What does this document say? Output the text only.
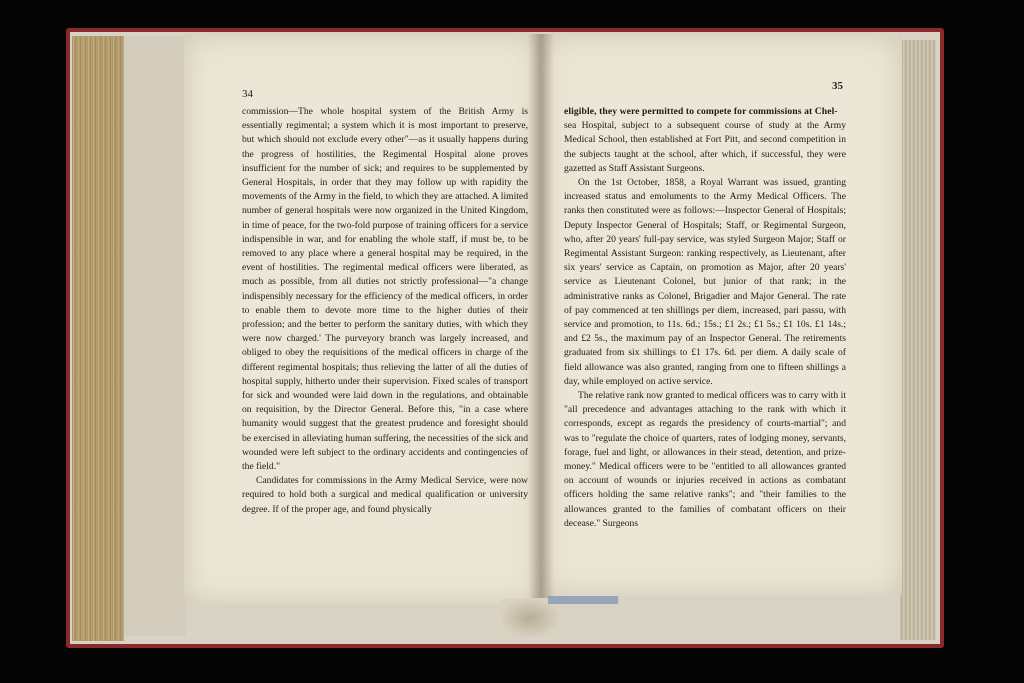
34
35

commission—The whole hospital system of the British Army is essentially regimental; a system which it is most important to preserve, but which should not exclude every other"—as it usually happens during the progress of hostilities, the Regimental Hospital alone proves insufficient for the number of sick; and requires to be supplemented by General Hospitals, in order that they may follow up with rapidity the movements of the Army in the field, to which they are attached. A limited number of general hospitals were now organized in the United Kingdom, in time of peace, for the two-fold purpose of training officers for a service indispensible in war, and for enabling the whole staff, if must be, to be removed to any place where a general hospital may be required, in the event of hostilities. The regimental medical officers were liberated, as much as possible, from all duties not strictly professional—"a change indispensibly necessary for the efficiency of the medical officers, in order to enable them to devote more time to the higher duties of their profession; and the better to perform the sanitary duties, with which they were now charged.' The purveyory branch was largely increased, and obliged to obey the requisitions of the medical officers in charge of the different regimental hospitals; thus relieving the latter of all the duties of hospital supply, hitherto under their supervision. Fixed scales of transport for sick and wounded were laid down in the regulations, and obtainable on requisition, by the Director General. Before this, "in a case where humanity would suggest that the greatest prudence and foresight should be exercised in alleviating human suffering, the necessities of the sick and wounded were left subject to the ordinary accidents and contingencies of the field."

Candidates for commissions in the Army Medical Service, were now required to hold both a surgical and medical qualification or university degree. If of the proper age, and found physically

eligible, they were permitted to compete for commissions at Chel-

sea Hospital, subject to a subsequent course of study at the Army Medical School, then established at Fort Pitt, and second competition in the subjects taught at the school, after which, if successful, they were gazetted as Staff Assistant Surgeons.

On the 1st October, 1858, a Royal Warrant was issued, granting increased status and emoluments to the Army Medical Officers. The ranks then constituted were as follows:—Inspector General of Hospitals; Deputy Inspector General of Hospitals; Staff, or Regimental Surgeon, who, after 20 years' full-pay service, was styled Surgeon Major; Staff or Regimental Assistant Surgeon: ranking respectively, as Lieutenant, after six years' service as Captain, on promotion as Major, after 20 years' service as Lieutenant Colonel, but junior of that rank; in the administrative ranks as Colonel, Brigadier and Major General. The rate of pay commenced at ten shillings per diem, increased, pari passu, with service and promotion, to 11s. 6d.; 15s.; £1 2s.; £1 5s.; £1 10s. £1 14s.; and £2 5s., the maximum pay of an Inspector General. The retirements graduated from six shillings to £1 17s. 6d. per diem. A daily scale of field allowance was also granted, ranging from one to fifteen shillings a day, while employed on active service.

The relative rank now granted to medical officers was to carry with it "all precedence and advantages attaching to the rank with which it corresponds, except as regards the presidency of courts-martial"; and was to "regulate the choice of quarters, rates of lodging money, servants, forage, fuel and light, or allowances in their stead, detention, and prize-money." Medical officers were to be "entitled to all allowances granted on account of wounds or injuries received in actions as combatant officers holding the same relative ranks"; and "their families to the allowances granted to the families of combatant officers on their decease." Surgeons
